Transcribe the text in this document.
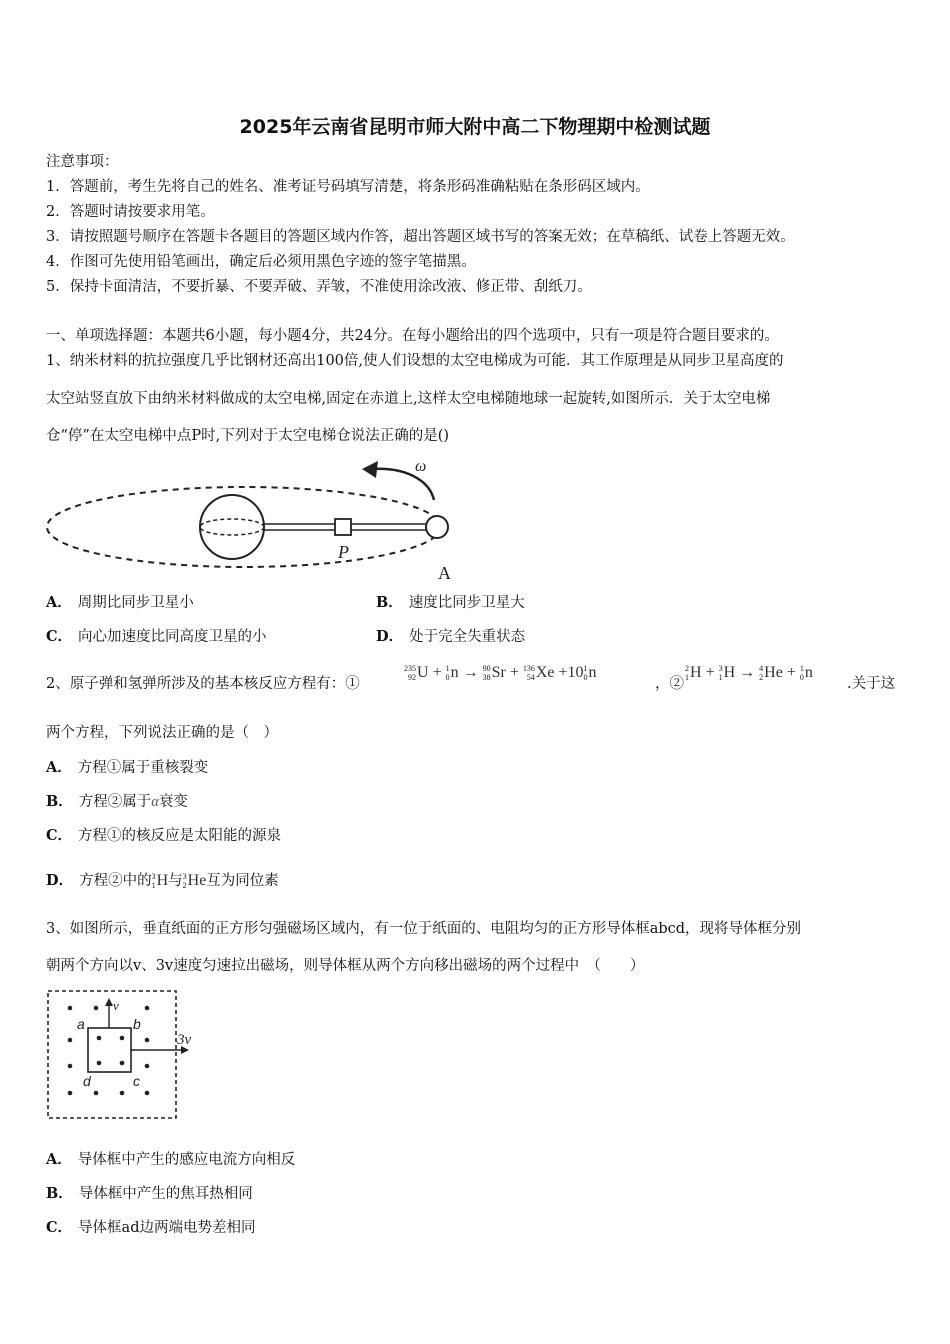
2025年云南省昆明市师大附中高二下物理期中检测试题
注意事项：
1．答题前，考生先将自己的姓名、准考证号码填写清楚，将条形码准确粘贴在条形码区域内。
2．答题时请按要求用笔。
3．请按照题号顺序在答题卡各题目的答题区域内作答，超出答题区域书写的答案无效；在草稿纸、试卷上答题无效。
4．作图可先使用铅笔画出，确定后必须用黑色字迹的签字笔描黑。
5．保持卡面清洁，不要折暴、不要弄破、弄皱，不准使用涂改液、修正带、刮纸刀。
一、单项选择题：本题共6小题，每小题4分，共24分。在每小题给出的四个选项中，只有一项是符合题目要求的。
1、纳米材料的抗拉强度几乎比钢材还高出100倍,使人们设想的太空电梯成为可能．其工作原理是从同步卫星高度的
太空站竖直放下由纳米材料做成的太空电梯,固定在赤道上,这样太空电梯随地球一起旋转,如图所示．关于太空电梯
仓“停”在太空电梯中点P时,下列对于太空电梯仓说法正确的是()
ω
P
A
A． 周期比同步卫星小	B． 速度比同步卫星大
C． 向心加速度比同高度卫星的小	D． 处于完全失重状态
2、原子弹和氢弹所涉及的基本核反应方程有：①
235
92U + 1
0n → 90
38Sr + 136
54Xe +101
0n
，②
2
1H + 3
1H → 4
2He + 1
0n
.关于这
两个方程，下列说法正确的是（　）
A． 方程①属于重核裂变
B． 方程②属于α衰变
C． 方程①的核反应是太阳能的源泉
D． 方程②中的3
1H与3
2He互为同位素
3、如图所示，垂直纸面的正方形匀强磁场区域内，有一位于纸面的、电阻均匀的正方形导体框abcd，现将导体框分别
朝两个方向以v、3v速度匀速拉出磁场，则导体框从两个方向移出磁场的两个过程中　（　　）
v
3v
a	b
c
d
A． 导体框中产生的感应电流方向相反
B． 导体框中产生的焦耳热相同
C． 导体框ad边两端电势差相同
